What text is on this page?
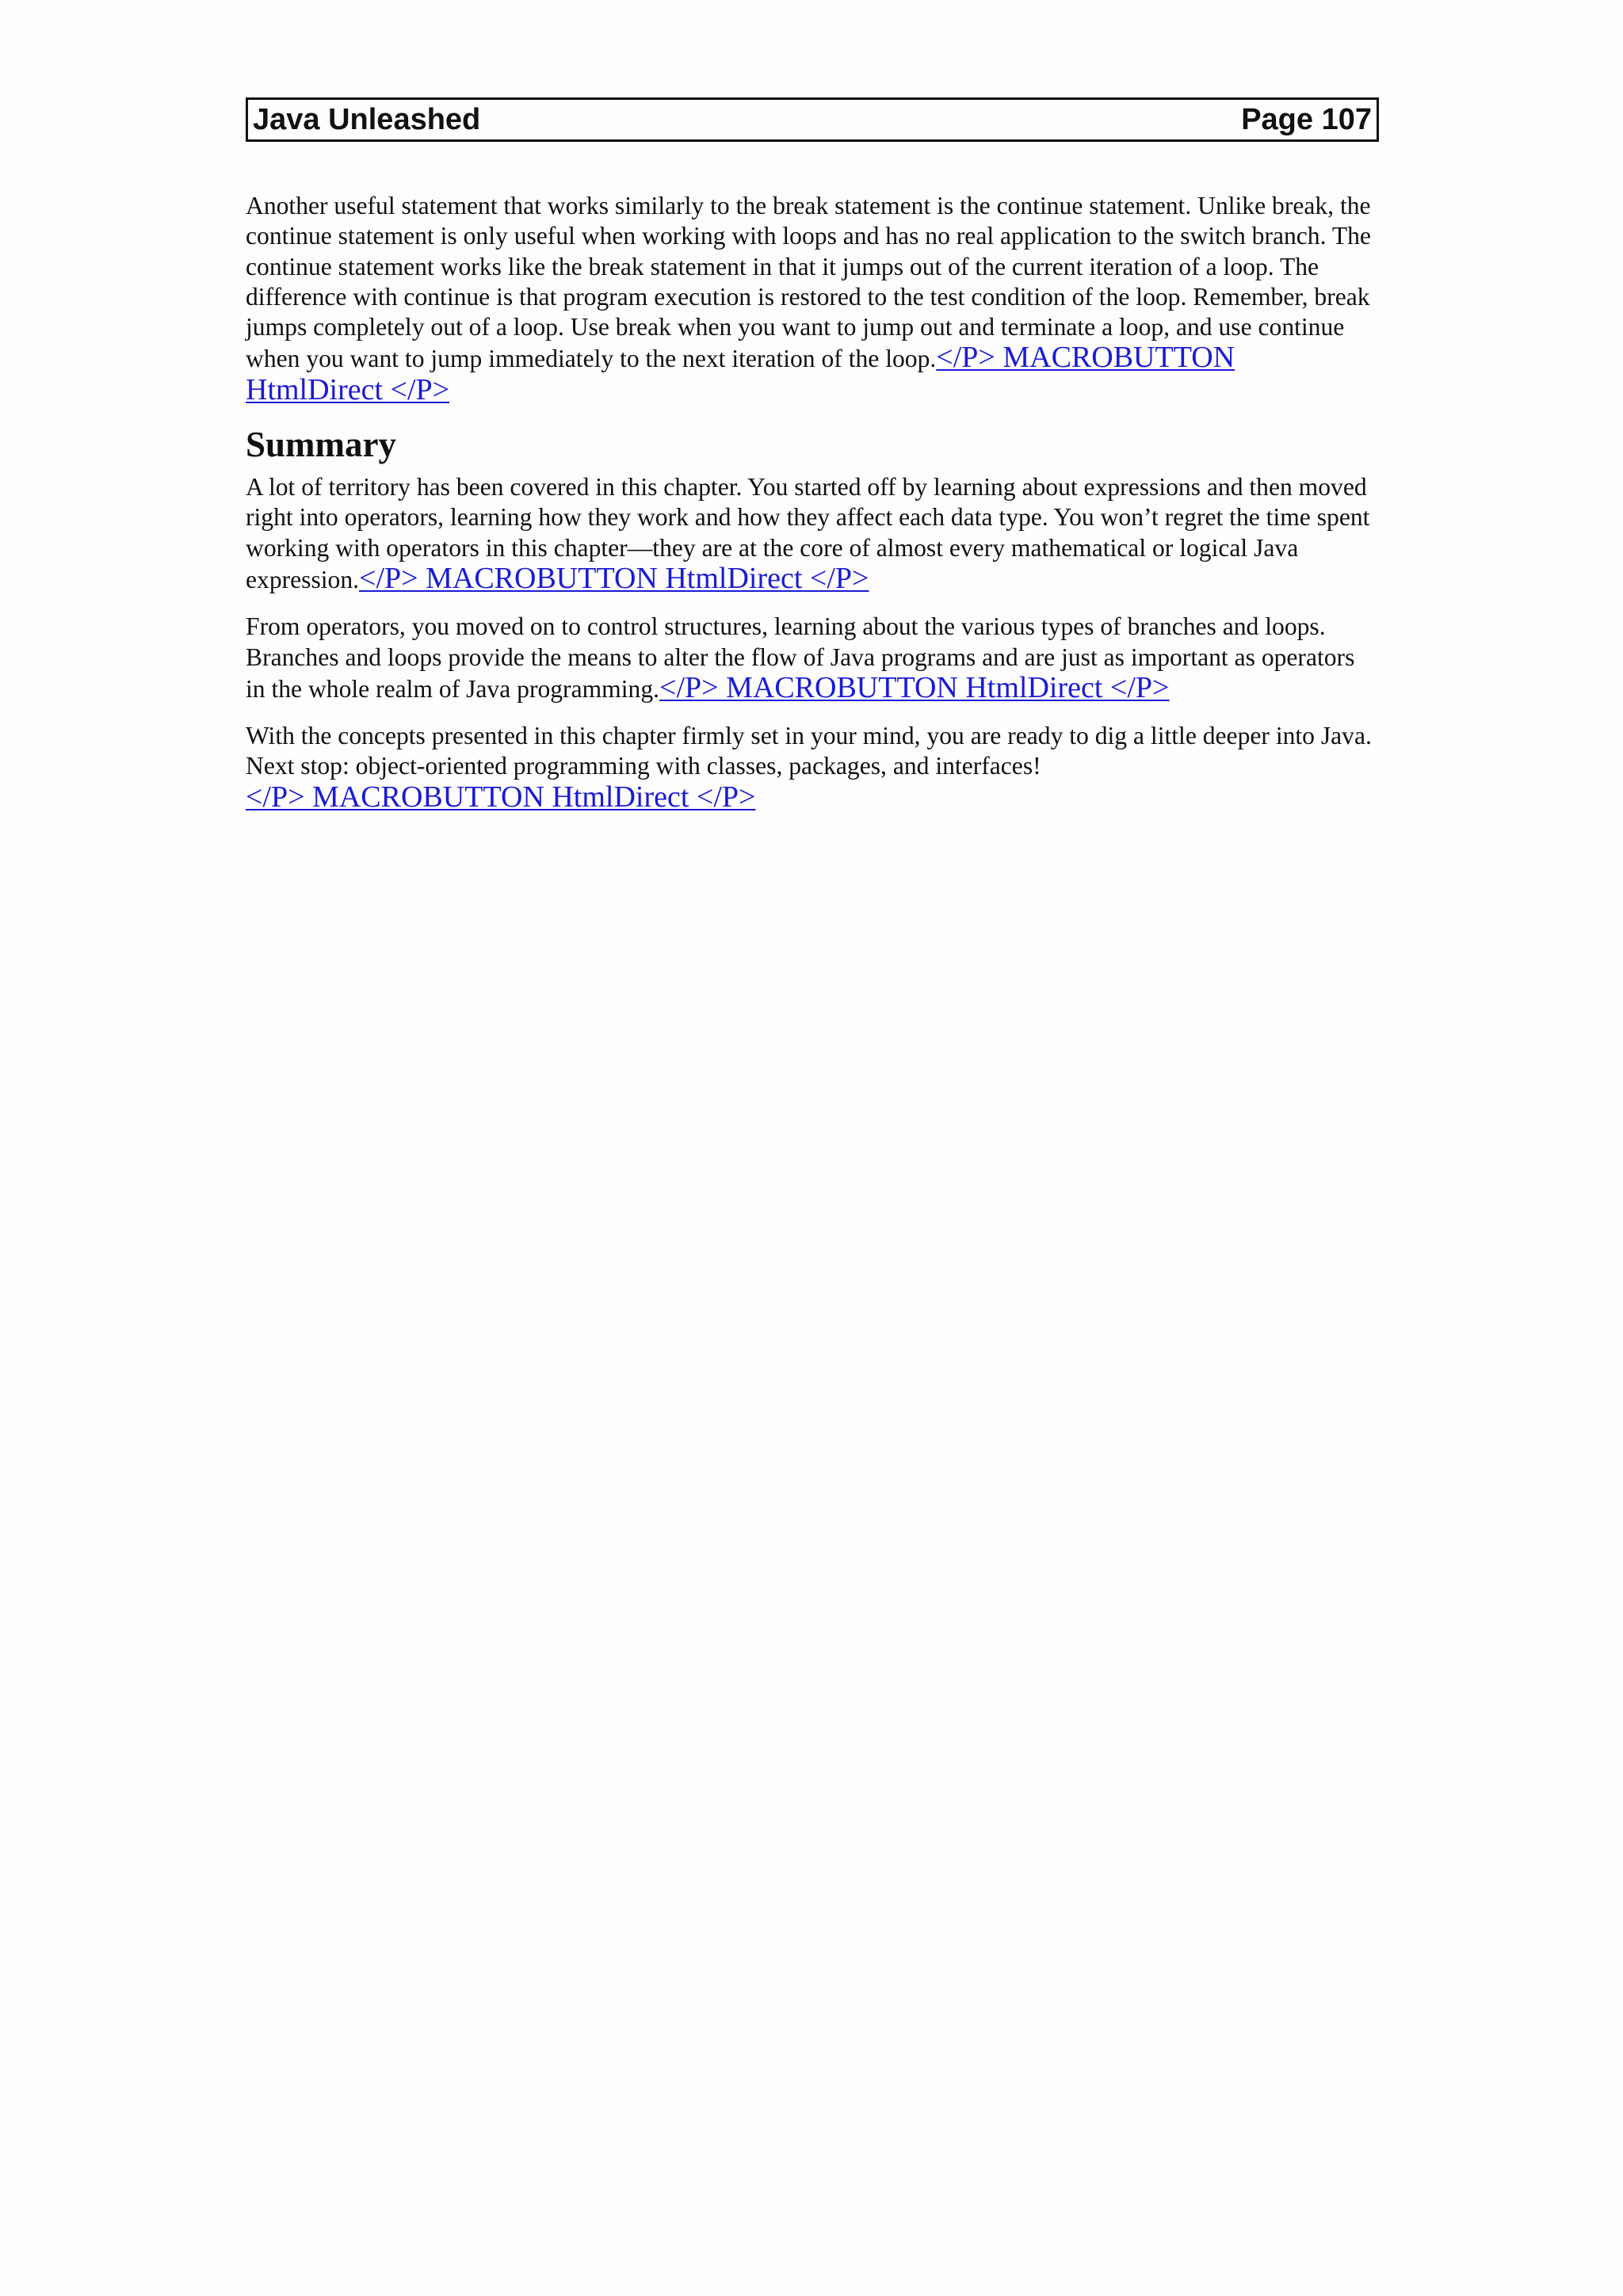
Java Unleashed	Page 107

Another useful statement that works similarly to the break statement is the continue statement. Unlike break, the continue statement is only useful when working with loops and has no real application to the switch branch. The continue statement works like the break statement in that it jumps out of the current iteration of a loop. The difference with continue is that program execution is restored to the test condition of the loop. Remember, break jumps completely out of a loop. Use break when you want to jump out and terminate a loop, and use continue when you want to jump immediately to the next iteration of the loop.</P> MACROBUTTON HtmlDirect </P>

Summary

A lot of territory has been covered in this chapter. You started off by learning about expressions and then moved right into operators, learning how they work and how they affect each data type. You won’t regret the time spent working with operators in this chapter—they are at the core of almost every mathematical or logical Java expression.</P> MACROBUTTON HtmlDirect </P>

From operators, you moved on to control structures, learning about the various types of branches and loops. Branches and loops provide the means to alter the flow of Java programs and are just as important as operators in the whole realm of Java programming.</P> MACROBUTTON HtmlDirect </P>

With the concepts presented in this chapter firmly set in your mind, you are ready to dig a little deeper into Java. Next stop: object-oriented programming with classes, packages, and interfaces!
</P> MACROBUTTON HtmlDirect </P>
